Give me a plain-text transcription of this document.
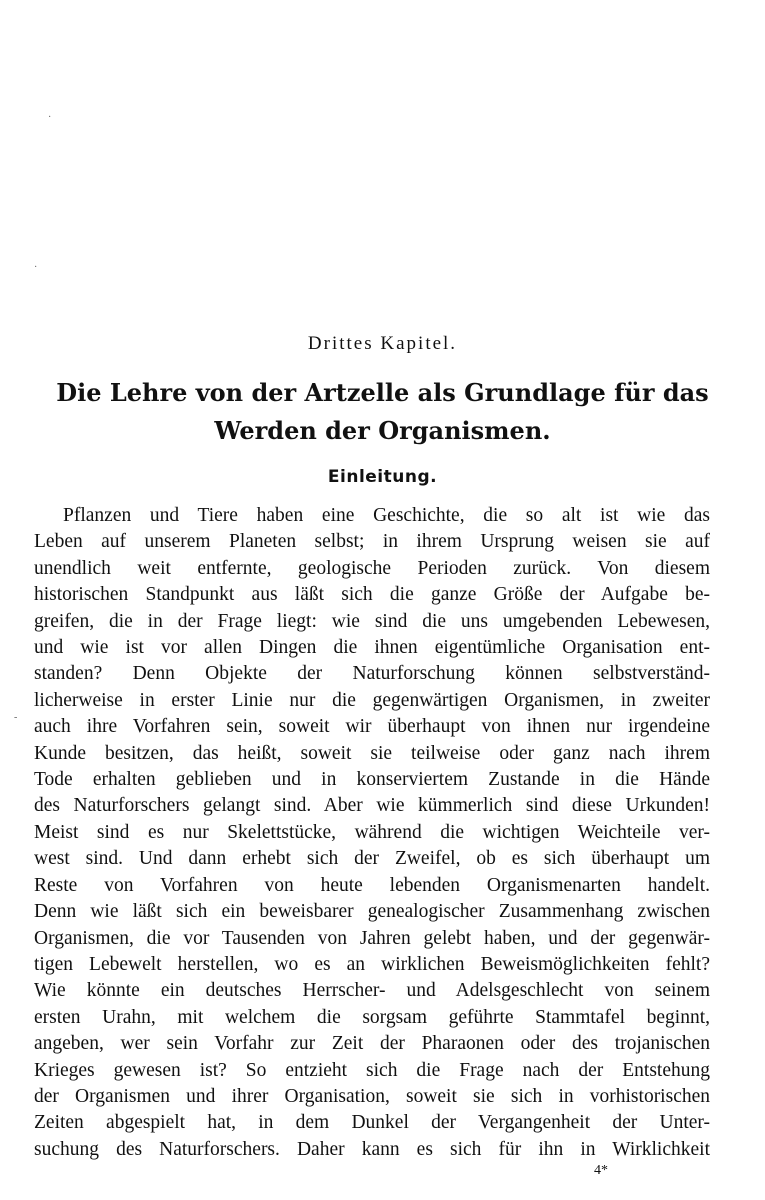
Drittes Kapitel.
Die Lehre von der Artzelle als Grundlage für das
Werden der Organismen.
Einleitung.
Pflanzen und Tiere haben eine Geschichte, die so alt ist wie das
Leben auf unserem Planeten selbst; in ihrem Ursprung weisen sie auf
unendlich weit entfernte, geologische Perioden zurück. Von diesem
historischen Standpunkt aus läßt sich die ganze Größe der Aufgabe be-
greifen, die in der Frage liegt: wie sind die uns umgebenden Lebewesen,
und wie ist vor allen Dingen die ihnen eigentümliche Organisation ent-
standen? Denn Objekte der Naturforschung können selbstverständ-
licherweise in erster Linie nur die gegenwärtigen Organismen, in zweiter
auch ihre Vorfahren sein, soweit wir überhaupt von ihnen nur irgendeine
Kunde besitzen, das heißt, soweit sie teilweise oder ganz nach ihrem
Tode erhalten geblieben und in konserviertem Zustande in die Hände
des Naturforschers gelangt sind. Aber wie kümmerlich sind diese Urkunden!
Meist sind es nur Skelettstücke, während die wichtigen Weichteile ver-
west sind. Und dann erhebt sich der Zweifel, ob es sich überhaupt um
Reste von Vorfahren von heute lebenden Organismenarten handelt.
Denn wie läßt sich ein beweisbarer genealogischer Zusammenhang zwischen
Organismen, die vor Tausenden von Jahren gelebt haben, und der gegenwär-
tigen Lebewelt herstellen, wo es an wirklichen Beweismöglichkeiten fehlt?
Wie könnte ein deutsches Herrscher- und Adelsgeschlecht von seinem
ersten Urahn, mit welchem die sorgsam geführte Stammtafel beginnt,
angeben, wer sein Vorfahr zur Zeit der Pharaonen oder des trojanischen
Krieges gewesen ist? So entzieht sich die Frage nach der Entstehung
der Organismen und ihrer Organisation, soweit sie sich in vorhistorischen
Zeiten abgespielt hat, in dem Dunkel der Vergangenheit der Unter-
suchung des Naturforschers. Daher kann es sich für ihn in Wirklichkeit
4*
·
·
-
